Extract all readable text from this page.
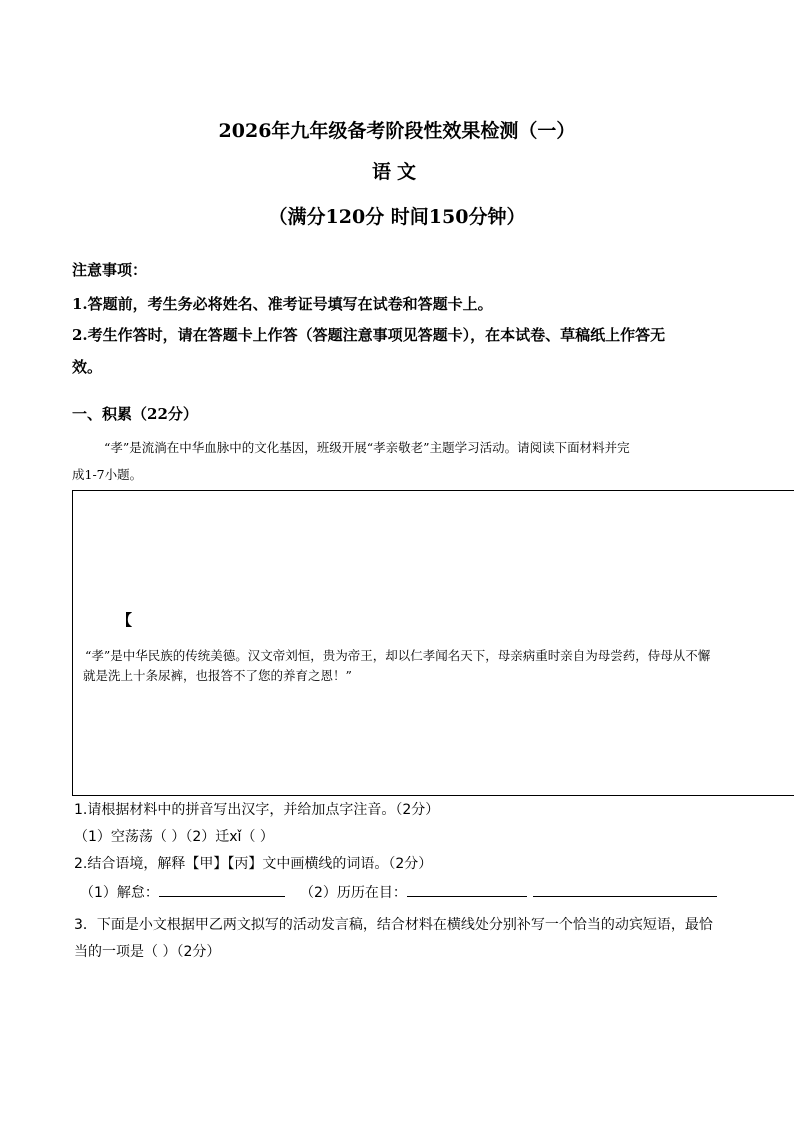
2026年九年级备考阶段性效果检测（一）
语文
（满分120分 时间150分钟）
注意事项：
1.答题前，考生务必将姓名、准考证号填写在试卷和答题卡上。
2.考生作答时，请在答题卡上作答（答题注意事项见答题卡），在本试卷、草稿纸上作答无
效。
一、积累（22分）
“孝”是流淌在中华血脉中的文化基因，班级开展“孝亲敬老”主题学习活动。请阅读下面材料并完
成1-7小题。
【
“孝”是中华民族的传统美德。汉文帝刘恒，贵为帝王，却以仁孝闻名天下，母亲病重时亲自为母尝药，侍母从不懈
就是洗上十条尿裤，也报答不了您的养育之恩！”
1.请根据材料中的拼音写出汉字，并给加点字注音。（2分）
（1）空荡荡（ ）（2）迁xǐ（ ）
2.结合语境，解释【甲】【丙】文中画横线的词语。（2分）
（1）解怠：	（2）历历在目：
3．下面是小文根据甲乙两文拟写的活动发言稿，结合材料在横线处分别补写一个恰当的动宾短语，最恰
当的一项是（ ）（2分）
